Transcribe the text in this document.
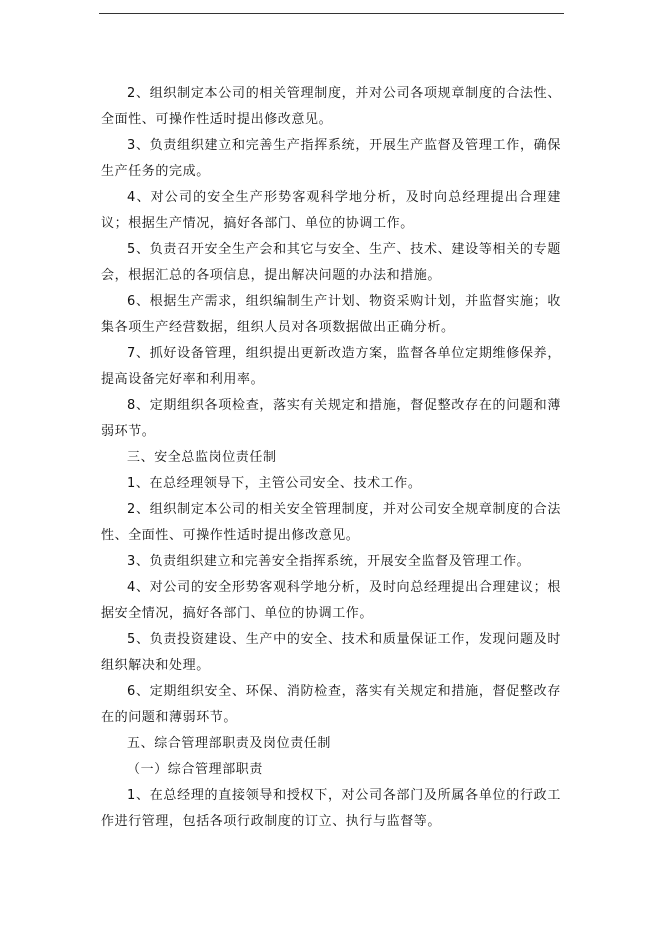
2、组织制定本公司的相关管理制度，并对公司各项规章制度的合法性、全面性、可操作性适时提出修改意见。

3、负责组织建立和完善生产指挥系统，开展生产监督及管理工作，确保生产任务的完成。

4、对公司的安全生产形势客观科学地分析，及时向总经理提出合理建议；根据生产情况，搞好各部门、单位的协调工作。

5、负责召开安全生产会和其它与安全、生产、技术、建设等相关的专题会，根据汇总的各项信息，提出解决问题的办法和措施。

6、根据生产需求，组织编制生产计划、物资采购计划，并监督实施；收集各项生产经营数据，组织人员对各项数据做出正确分析。

7、抓好设备管理，组织提出更新改造方案，监督各单位定期维修保养，提高设备完好率和利用率。

8、定期组织各项检查，落实有关规定和措施，督促整改存在的问题和薄弱环节。

三、安全总监岗位责任制

1、在总经理领导下，主管公司安全、技术工作。

2、组织制定本公司的相关安全管理制度，并对公司安全规章制度的合法性、全面性、可操作性适时提出修改意见。

3、负责组织建立和完善安全指挥系统，开展安全监督及管理工作。

4、对公司的安全形势客观科学地分析，及时向总经理提出合理建议；根据安全情况，搞好各部门、单位的协调工作。

5、负责投资建设、生产中的安全、技术和质量保证工作，发现问题及时组织解决和处理。

6、定期组织安全、环保、消防检查，落实有关规定和措施，督促整改存在的问题和薄弱环节。

五、综合管理部职责及岗位责任制

（一）综合管理部职责

1、在总经理的直接领导和授权下，对公司各部门及所属各单位的行政工作进行管理，包括各项行政制度的订立、执行与监督等。
